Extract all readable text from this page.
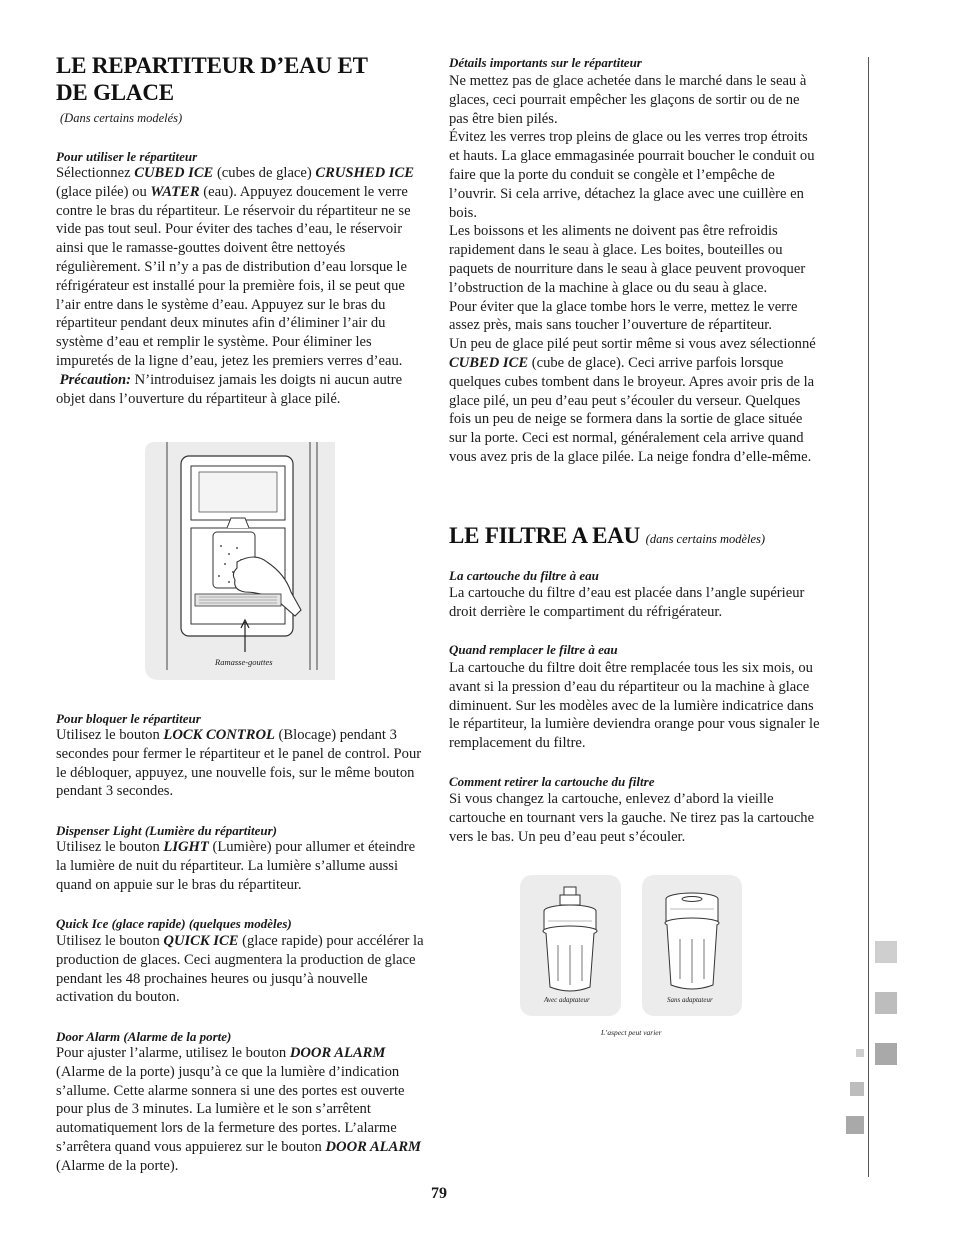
LE REPARTITEUR D’EAU ET
DE GLACE
(Dans certains modelés)
Pour utiliser le répartiteur
Sélectionnez CUBED ICE (cubes de glace) CRUSHED ICE (glace pilée) ou WATER (eau). Appuyez doucement le verre contre le bras du répartiteur. Le réservoir du répartiteur ne se vide pas tout seul. Pour éviter des taches d’eau, le réservoir ainsi que le ramasse-gouttes doivent être nettoyés régulièrement. S’il n’y a pas de distribution d’eau lorsque le réfrigérateur est installé pour la première fois, il se peut que l’air entre dans le système d’eau. Appuyez sur le bras du répartiteur pendant deux minutes afin d’éliminer l’air du système d’eau et remplir le système. Pour éliminer les impuretés de la ligne d’eau, jetez les premiers verres d’eau.
Précaution: N’introduisez jamais les doigts ni aucun autre objet dans l’ouverture du répartiteur à glace pilé.
Ramasse-gouttes
Pour bloquer le répartiteur
Utilisez le bouton LOCK CONTROL (Blocage) pendant 3 secondes pour fermer le répartiteur et le panel de control. Pour le débloquer, appuyez, une nouvelle fois, sur le même bouton pendant 3 secondes.
Dispenser Light (Lumière du répartiteur)
Utilisez le bouton LIGHT (Lumière) pour allumer et éteindre la lumière de nuit du répartiteur. La lumière s’allume aussi quand on appuie sur le bras du répartiteur.
Quick Ice (glace rapide) (quelques modèles)
Utilisez le bouton QUICK ICE (glace rapide) pour accélérer la production de glaces. Ceci augmentera la production de glace pendant les 48 prochaines heures ou jusqu’à nouvelle activation du bouton.
Door Alarm (Alarme de la porte)
Pour ajuster l’alarme, utilisez le bouton DOOR ALARM (Alarme de la porte) jusqu’à ce que la lumière d’indication s’allume. Cette alarme sonnera si une des portes est ouverte pour plus de 3 minutes. La lumière et le son s’arrêtent automatiquement lors de la fermeture des portes. L’alarme s’arrêtera quand vous appuierez sur le bouton DOOR ALARM (Alarme de la porte).
Détails importants sur le répartiteur
Ne mettez pas de glace achetée dans le marché dans le seau à glaces, ceci pourrait empêcher les glaçons de sortir ou de ne pas être bien pilés.
Évitez les verres trop pleins de glace ou les verres trop étroits et hauts. La glace emmagasinée pourrait boucher le conduit ou faire que la porte du conduit se congèle et l’empêche de l’ouvrir. Si cela arrive, détachez la glace avec une cuillère en bois.
Les boissons et les aliments ne doivent pas être refroidis rapidement dans le seau à glace. Les boites, bouteilles ou paquets de nourriture dans le seau à glace peuvent provoquer l’obstruction de la machine à glace ou du seau à glace.
Pour éviter que la glace tombe hors le verre, mettez le verre assez près, mais sans toucher l’ouverture de répartiteur.
Un peu de glace pilé peut sortir même si vous avez sélectionné CUBED ICE (cube de glace). Ceci arrive parfois lorsque quelques cubes tombent dans le broyeur. Apres avoir pris de la glace pilé, un peu d’eau peut s’écouler du verseur. Quelques fois un peu de neige se formera dans la sortie de glace située sur la porte. Ceci est normal, généralement cela arrive quand vous avez pris de la glace pilée. La neige fondra d’elle-même.
LE FILTRE A EAU (dans certains modèles)
La cartouche du filtre à eau
La cartouche du filtre d’eau est placée dans l’angle supérieur droit derrière le compartiment du réfrigérateur.
Quand remplacer le filtre à eau
La cartouche du filtre doit être remplacée tous les six mois, ou avant si la pression d’eau du répartiteur ou la machine à glace diminuent. Sur les modèles avec de la lumière indicatrice dans le répartiteur, la lumière deviendra orange pour vous signaler le remplacement du filtre.
Comment retirer la cartouche du filtre
Si vous changez la cartouche, enlevez d’abord la vieille cartouche en tournant vers la gauche. Ne tirez pas la cartouche vers le bas. Un peu d’eau peut s’écouler.
Avec adaptateur	Sans adaptateur
L’aspect peut varier
79
